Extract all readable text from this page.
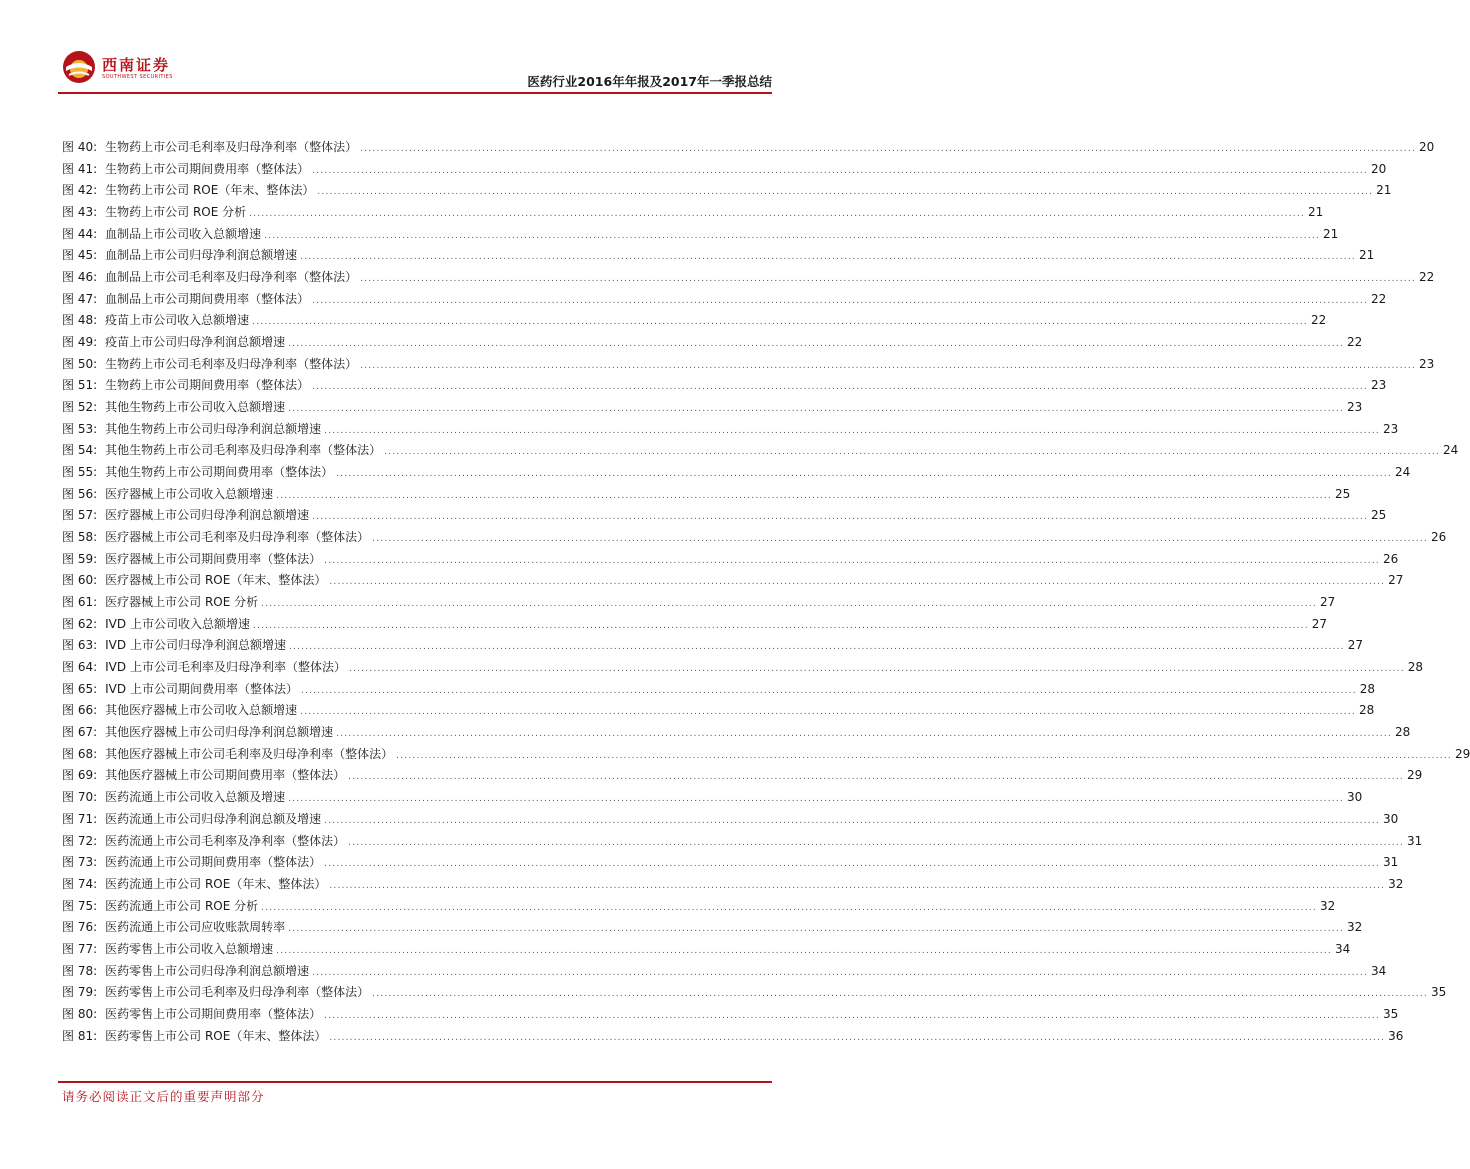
西南证券
SOUTHWEST SECURITIES	医药行业2016年年报及2017年一季报总结
图 40: 生物药上市公司毛利率及归母净利率（整体法） .................................................................................................................................................................................................................................................................... 20
图 41: 生物药上市公司期间费用率（整体法） .................................................................................................................................................................................................................................................................... 20
图 42: 生物药上市公司 ROE（年末、整体法） .................................................................................................................................................................................................................................................................... 21
图 43: 生物药上市公司 ROE 分析 .................................................................................................................................................................................................................................................................... 21
图 44: 血制品上市公司收入总额增速 .................................................................................................................................................................................................................................................................... 21
图 45: 血制品上市公司归母净利润总额增速 .................................................................................................................................................................................................................................................................... 21
图 46: 血制品上市公司毛利率及归母净利率（整体法） .................................................................................................................................................................................................................................................................... 22
图 47: 血制品上市公司期间费用率（整体法） .................................................................................................................................................................................................................................................................... 22
图 48: 疫苗上市公司收入总额增速 .................................................................................................................................................................................................................................................................... 22
图 49: 疫苗上市公司归母净利润总额增速 .................................................................................................................................................................................................................................................................... 22
图 50: 生物药上市公司毛利率及归母净利率（整体法） .................................................................................................................................................................................................................................................................... 23
图 51: 生物药上市公司期间费用率（整体法） .................................................................................................................................................................................................................................................................... 23
图 52: 其他生物药上市公司收入总额增速 .................................................................................................................................................................................................................................................................... 23
图 53: 其他生物药上市公司归母净利润总额增速 .................................................................................................................................................................................................................................................................... 23
图 54: 其他生物药上市公司毛利率及归母净利率（整体法） .................................................................................................................................................................................................................................................................... 24
图 55: 其他生物药上市公司期间费用率（整体法） .................................................................................................................................................................................................................................................................... 24
图 56: 医疗器械上市公司收入总额增速 .................................................................................................................................................................................................................................................................... 25
图 57: 医疗器械上市公司归母净利润总额增速 .................................................................................................................................................................................................................................................................... 25
图 58: 医疗器械上市公司毛利率及归母净利率（整体法） .................................................................................................................................................................................................................................................................... 26
图 59: 医疗器械上市公司期间费用率（整体法） .................................................................................................................................................................................................................................................................... 26
图 60: 医疗器械上市公司 ROE（年末、整体法） .................................................................................................................................................................................................................................................................... 27
图 61: 医疗器械上市公司 ROE 分析 .................................................................................................................................................................................................................................................................... 27
图 62: IVD 上市公司收入总额增速 .................................................................................................................................................................................................................................................................... 27
图 63: IVD 上市公司归母净利润总额增速 .................................................................................................................................................................................................................................................................... 27
图 64: IVD 上市公司毛利率及归母净利率（整体法） .................................................................................................................................................................................................................................................................... 28
图 65: IVD 上市公司期间费用率（整体法） .................................................................................................................................................................................................................................................................... 28
图 66: 其他医疗器械上市公司收入总额增速 .................................................................................................................................................................................................................................................................... 28
图 67: 其他医疗器械上市公司归母净利润总额增速 .................................................................................................................................................................................................................................................................... 28
图 68: 其他医疗器械上市公司毛利率及归母净利率（整体法） .................................................................................................................................................................................................................................................................... 29
图 69: 其他医疗器械上市公司期间费用率（整体法） .................................................................................................................................................................................................................................................................... 29
图 70: 医药流通上市公司收入总额及增速 .................................................................................................................................................................................................................................................................... 30
图 71: 医药流通上市公司归母净利润总额及增速 .................................................................................................................................................................................................................................................................... 30
图 72: 医药流通上市公司毛利率及净利率（整体法） .................................................................................................................................................................................................................................................................... 31
图 73: 医药流通上市公司期间费用率（整体法） .................................................................................................................................................................................................................................................................... 31
图 74: 医药流通上市公司 ROE（年末、整体法） .................................................................................................................................................................................................................................................................... 32
图 75: 医药流通上市公司 ROE 分析 .................................................................................................................................................................................................................................................................... 32
图 76: 医药流通上市公司应收账款周转率 .................................................................................................................................................................................................................................................................... 32
图 77: 医药零售上市公司收入总额增速 .................................................................................................................................................................................................................................................................... 34
图 78: 医药零售上市公司归母净利润总额增速 .................................................................................................................................................................................................................................................................... 34
图 79: 医药零售上市公司毛利率及归母净利率（整体法） .................................................................................................................................................................................................................................................................... 35
图 80: 医药零售上市公司期间费用率（整体法） .................................................................................................................................................................................................................................................................... 35
图 81: 医药零售上市公司 ROE（年末、整体法） .................................................................................................................................................................................................................................................................... 36
请务必阅读正文后的重要声明部分
